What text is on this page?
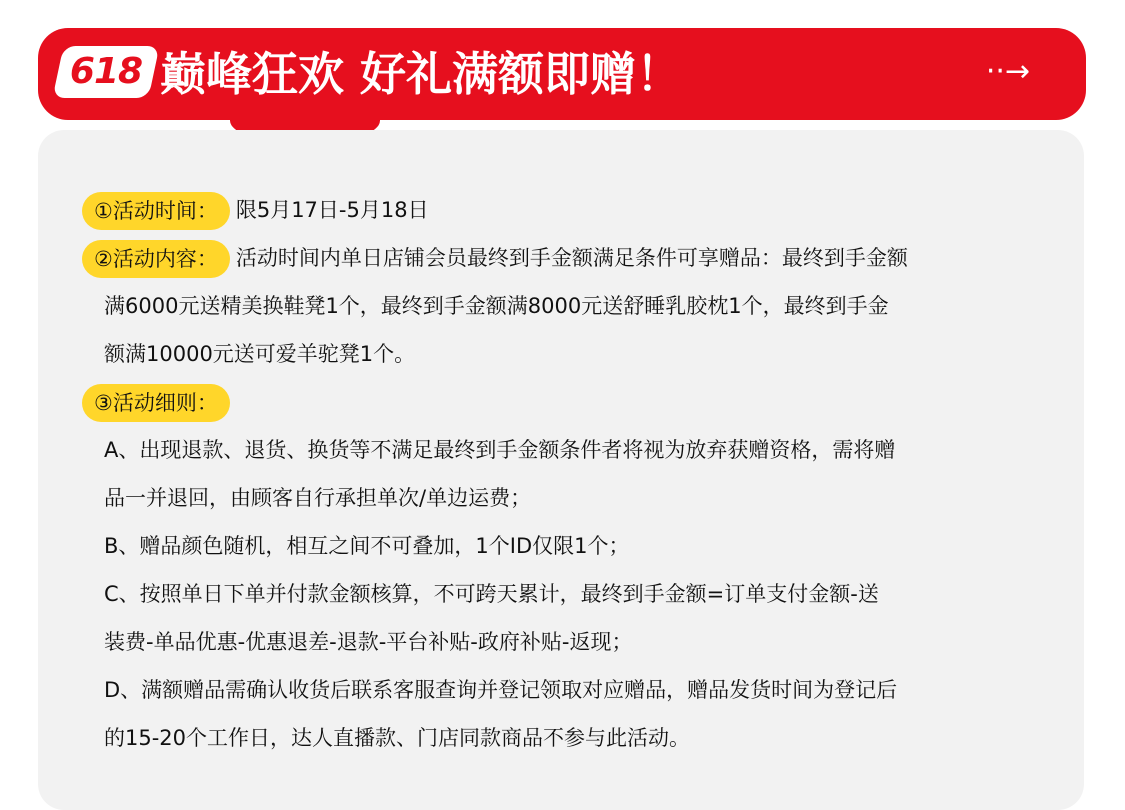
618 巅峰狂欢 好礼满额即赠！	··→
①活动时间： 限5月17日-5月18日
②活动内容： 活动时间内单日店铺会员最终到手金额满足条件可享赠品：最终到手金额
满6000元送精美换鞋凳1个，最终到手金额满8000元送舒睡乳胶枕1个，最终到手金
额满10000元送可爱羊驼凳1个。
③活动细则：
A、出现退款、退货、换货等不满足最终到手金额条件者将视为放弃获赠资格，需将赠
品一并退回，由顾客自行承担单次/单边运费；
B、赠品颜色随机，相互之间不可叠加，1个ID仅限1个；
C、按照单日下单并付款金额核算，不可跨天累计，最终到手金额=订单支付金额-送
装费-单品优惠-优惠退差-退款-平台补贴-政府补贴-返现；
D、满额赠品需确认收货后联系客服查询并登记领取对应赠品，赠品发货时间为登记后
的15-20个工作日，达人直播款、门店同款商品不参与此活动。
